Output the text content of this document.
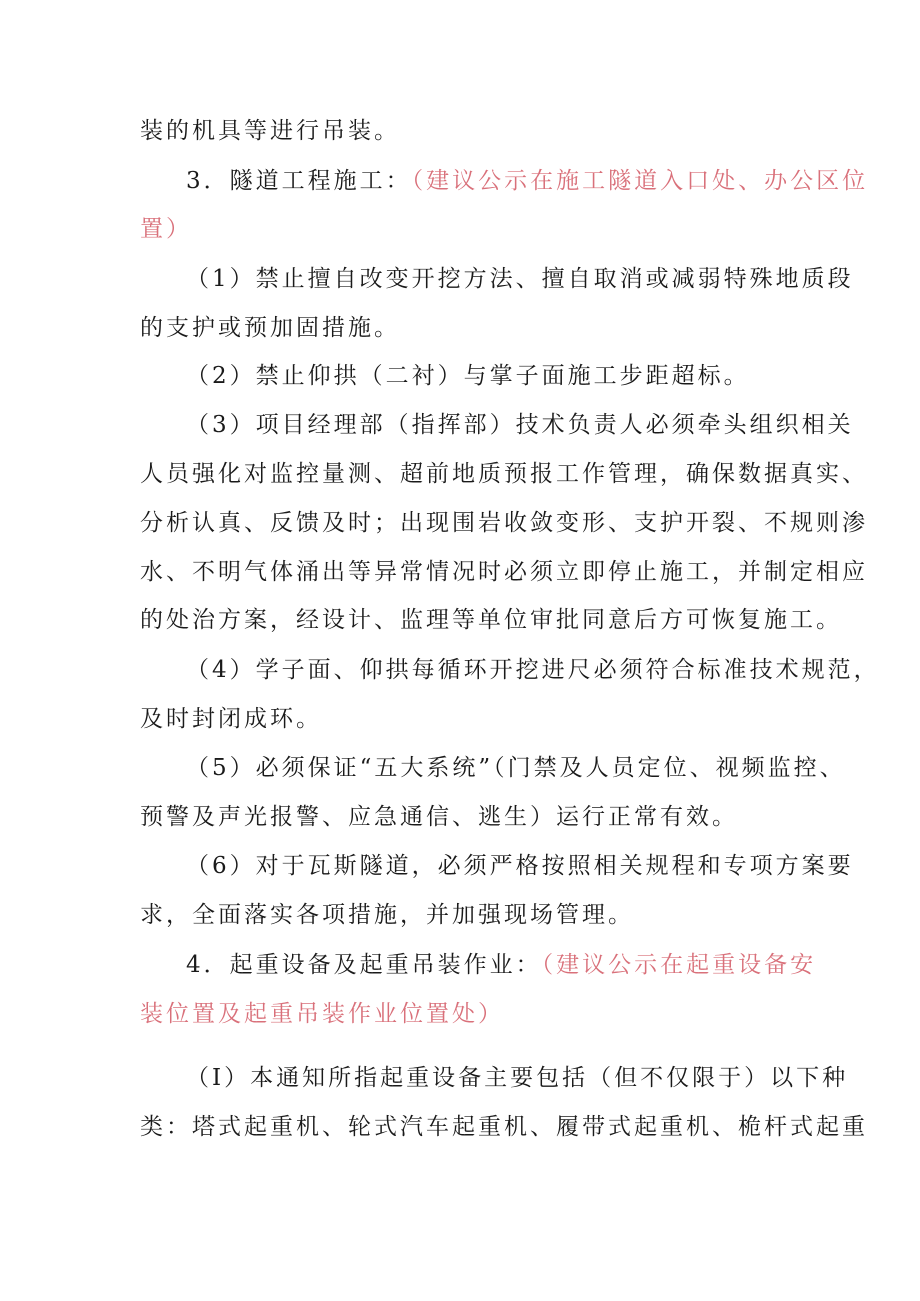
装的机具等进行吊装。
3．隧道工程施工：（建议公示在施工隧道入口处、办公区位
置）
（1）禁止擅自改变开挖方法、擅自取消或减弱特殊地质段
的支护或预加固措施。
（2）禁止仰拱（二衬）与掌子面施工步距超标。
（3）项目经理部（指挥部）技术负责人必须牵头组织相关
人员强化对监控量测、超前地质预报工作管理，确保数据真实、
分析认真、反馈及时；出现围岩收敛变形、支护开裂、不规则渗
水、不明气体涌出等异常情况时必须立即停止施工，并制定相应
的处治方案，经设计、监理等单位审批同意后方可恢复施工。
（4）学子面、仰拱每循环开挖进尺必须符合标准技术规范，
及时封闭成环。
（5）必须保证“五大系统”（门禁及人员定位、视频监控、
预警及声光报警、应急通信、逃生）运行正常有效。
（6）对于瓦斯隧道，必须严格按照相关规程和专项方案要
求，全面落实各项措施，并加强现场管理。
4．起重设备及起重吊装作业：（建议公示在起重设备安
装位置及起重吊装作业位置处）
（I）本通知所指起重设备主要包括（但不仅限于）以下种
类：塔式起重机、轮式汽车起重机、履带式起重机、桅杆式起重
